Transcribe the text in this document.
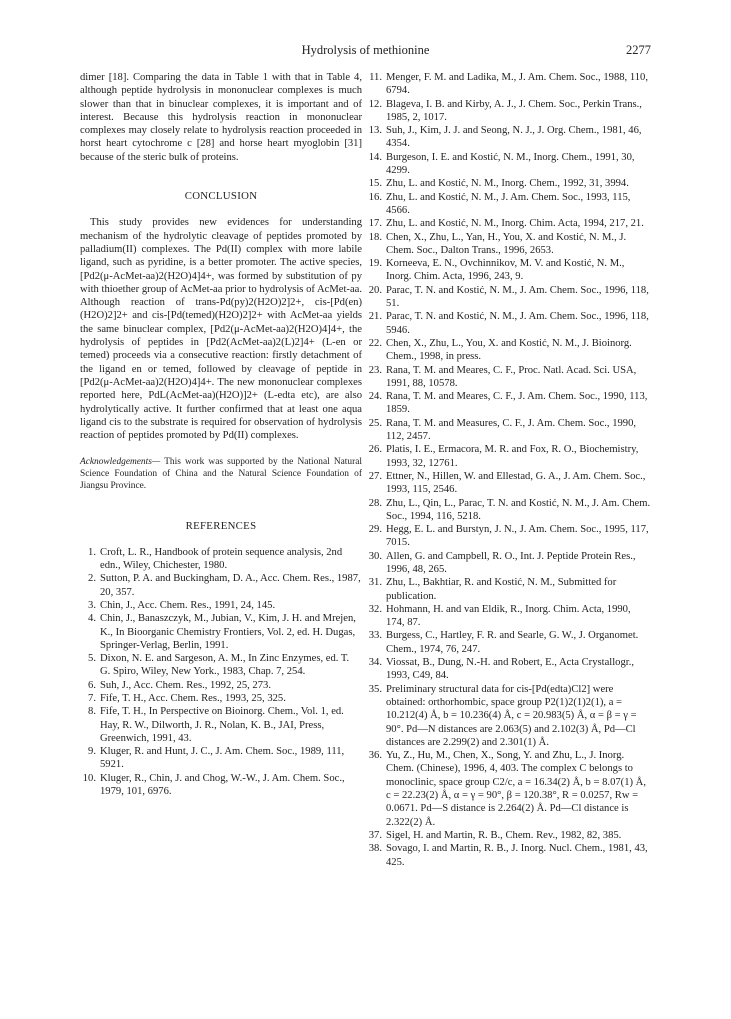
Hydrolysis of methionine	2277

dimer [18]. Comparing the data in Table 1 with that in Table 4, although peptide hydrolysis in mononuclear complexes is much slower than that in binuclear complexes, it is important and of interest. Because this hydrolysis reaction in mononuclear complexes may closely relate to hydrolysis reaction proceeded in horst heart cytochrome c [28] and horse heart myoglobin [31] because of the steric bulk of proteins.

CONCLUSION

This study provides new evidences for understanding mechanism of the hydrolytic cleavage of peptides promoted by palladium(II) complexes. The Pd(II) complex with more labile ligand, such as pyridine, is a better promoter. The active species, [Pd2(μ-AcMet-aa)2(H2O)4]4+, was formed by substitution of py with thioether group of AcMet-aa prior to hydrolysis of AcMet-aa. Although reaction of trans-Pd(py)2(H2O)2]2+, cis-[Pd(en)(H2O)2]2+ and cis-[Pd(temed)(H2O)2]2+ with AcMet-aa yields the same binuclear complex, [Pd2(μ-AcMet-aa)2(H2O)4]4+, the hydrolysis of peptides in [Pd2(AcMet-aa)2(L)2]4+ (L-en or temed) proceeds via a consecutive reaction: firstly detachment of the ligand en or temed, followed by cleavage of peptide in [Pd2(μ-AcMet-aa)2(H2O)4]4+. The new mononuclear complexes reported here, PdL(AcMet-aa)(H2O)]2+ (L-edta etc), are also hydrolytically active. It further confirmed that at least one aqua ligand cis to the substrate is required for observation of hydrolysis reaction of peptides promoted by Pd(II) complexes.

Acknowledgements— This work was supported by the National Natural Science Foundation of China and the Natural Science Foundation of Jiangsu Province.

REFERENCES

1. Croft, L. R., Handbook of protein sequence analysis, 2nd edn., Wiley, Chichester, 1980.
2. Sutton, P. A. and Buckingham, D. A., Acc. Chem. Res., 1987, 20, 357.
3. Chin, J., Acc. Chem. Res., 1991, 24, 145.
4. Chin, J., Banaszczyk, M., Jubian, V., Kim, J. H. and Mrejen, K., In Bioorganic Chemistry Frontiers, Vol. 2, ed. H. Dugas, Springer-Verlag, Berlin, 1991.
5. Dixon, N. E. and Sargeson, A. M., In Zinc Enzymes, ed. T. G. Spiro, Wiley, New York., 1983, Chap. 7, 254.
6. Suh, J., Acc. Chem. Res., 1992, 25, 273.
7. Fife, T. H., Acc. Chem. Res., 1993, 25, 325.
8. Fife, T. H., In Perspective on Bioinorg. Chem., Vol. 1, ed. Hay, R. W., Dilworth, J. R., Nolan, K. B., JAI, Press, Greenwich, 1991, 43.
9. Kluger, R. and Hunt, J. C., J. Am. Chem. Soc., 1989, 111, 5921.
10. Kluger, R., Chin, J. and Chog, W.-W., J. Am. Chem. Soc., 1979, 101, 6976.
11. Menger, F. M. and Ladika, M., J. Am. Chem. Soc., 1988, 110, 6794.
12. Blageva, I. B. and Kirby, A. J., J. Chem. Soc., Perkin Trans., 1985, 2, 1017.
13. Suh, J., Kim, J. J. and Seong, N. J., J. Org. Chem., 1981, 46, 4354.
14. Burgeson, I. E. and Kostić, N. M., Inorg. Chem., 1991, 30, 4299.
15. Zhu, L. and Kostić, N. M., Inorg. Chem., 1992, 31, 3994.
16. Zhu, L. and Kostić, N. M., J. Am. Chem. Soc., 1993, 115, 4566.
17. Zhu, L. and Kostić, N. M., Inorg. Chim. Acta, 1994, 217, 21.
18. Chen, X., Zhu, L., Yan, H., You, X. and Kostić, N. M., J. Chem. Soc., Dalton Trans., 1996, 2653.
19. Korneeva, E. N., Ovchinnikov, M. V. and Kostić, N. M., Inorg. Chim. Acta, 1996, 243, 9.
20. Parac, T. N. and Kostić, N. M., J. Am. Chem. Soc., 1996, 118, 51.
21. Parac, T. N. and Kostić, N. M., J. Am. Chem. Soc., 1996, 118, 5946.
22. Chen, X., Zhu, L., You, X. and Kostić, N. M., J. Bioinorg. Chem., 1998, in press.
23. Rana, T. M. and Meares, C. F., Proc. Natl. Acad. Sci. USA, 1991, 88, 10578.
24. Rana, T. M. and Meares, C. F., J. Am. Chem. Soc., 1990, 113, 1859.
25. Rana, T. M. and Measures, C. F., J. Am. Chem. Soc., 1990, 112, 2457.
26. Platis, I. E., Ermacora, M. R. and Fox, R. O., Biochemistry, 1993, 32, 12761.
27. Ettner, N., Hillen, W. and Ellestad, G. A., J. Am. Chem. Soc., 1993, 115, 2546.
28. Zhu, L., Qin, L., Parac, T. N. and Kostić, N. M., J. Am. Chem. Soc., 1994, 116, 5218.
29. Hegg, E. L. and Burstyn, J. N., J. Am. Chem. Soc., 1995, 117, 7015.
30. Allen, G. and Campbell, R. O., Int. J. Peptide Protein Res., 1996, 48, 265.
31. Zhu, L., Bakhtiar, R. and Kostić, N. M., Submitted for publication.
32. Hohmann, H. and van Eldik, R., Inorg. Chim. Acta, 1990, 174, 87.
33. Burgess, C., Hartley, F. R. and Searle, G. W., J. Organomet. Chem., 1974, 76, 247.
34. Viossat, B., Dung, N.-H. and Robert, E., Acta Crystallogr., 1993, C49, 84.
35. Preliminary structural data for cis-[Pd(edta)Cl2] were obtained: orthorhombic, space group P2(1)2(1)2(1), a = 10.212(4) Å, b = 10.236(4) Å, c = 20.983(5) Å, α = β = γ = 90°. Pd—N distances are 2.063(5) and 2.102(3) Å, Pd—Cl distances are 2.299(2) and 2.301(1) Å.
36. Yu, Z., Hu, M., Chen, X., Song, Y. and Zhu, L., J. Inorg. Chem. (Chinese), 1996, 4, 403. The complex C belongs to monoclinic, space group C2/c, a = 16.34(2) Å, b = 8.07(1) Å, c = 22.23(2) Å, α = γ = 90°, β = 120.38°, R = 0.0257, Rw = 0.0671. Pd—S distance is 2.264(2) Å. Pd—Cl distance is 2.322(2) Å.
37. Sigel, H. and Martin, R. B., Chem. Rev., 1982, 82, 385.
38. Sovago, I. and Martin, R. B., J. Inorg. Nucl. Chem., 1981, 43, 425.
